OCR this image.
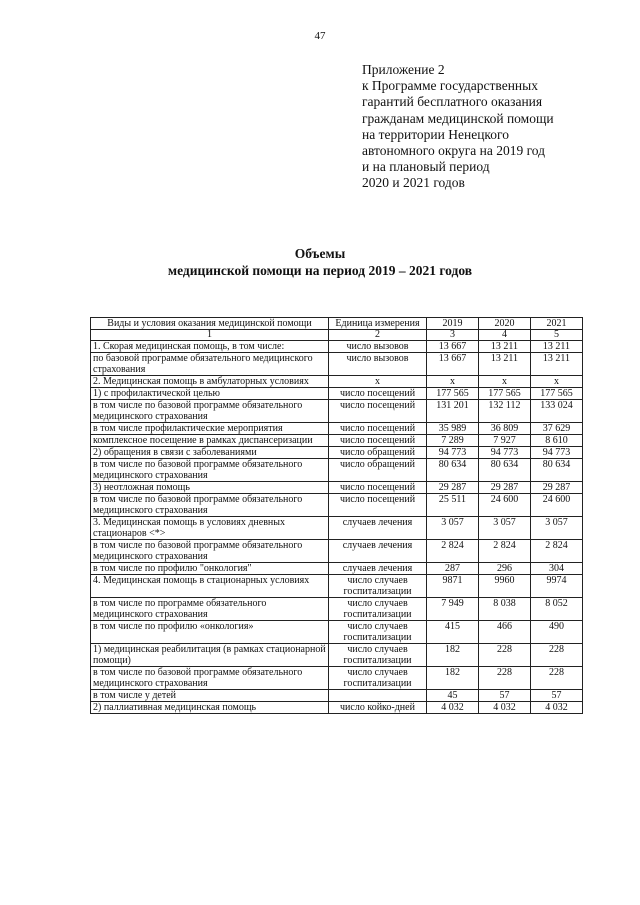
47
Приложение 2
к Программе государственных
гарантий бесплатного оказания
гражданам медицинской помощи
на территории Ненецкого
автономного округа на 2019 год
и на плановый период
2020 и 2021 годов
Объемы
медицинской помощи на период 2019 – 2021 годов
Виды и условия оказания медицинской помощи	Единица измерения	2019	2020	2021
1	2	3	4	5
1. Скорая медицинская помощь, в том числе:	число вызовов	13 667	13 211	13 211
по базовой программе обязательного медицинского страхования	число вызовов	13 667	13 211	13 211
2. Медицинская помощь в амбулаторных условиях	х	х	х	х
1) с профилактической целью	число посещений	177 565	177 565	177 565
в том числе по базовой программе обязательного медицинского страхования	число посещений	131 201	132 112	133 024
в том числе профилактические мероприятия	число посещений	35 989	36 809	37 629
комплексное посещение в рамках диспансеризации	число посещений	7 289	7 927	8 610
2) обращения в связи с заболеваниями	число обращений	94 773	94 773	94 773
в том числе по базовой программе обязательного медицинского страхования	число обращений	80 634	80 634	80 634
3) неотложная помощь	число посещений	29 287	29 287	29 287
в том числе по базовой программе обязательного медицинского страхования	число посещений	25 511	24 600	24 600
3. Медицинская помощь в условиях дневных стационаров <*>	случаев лечения	3 057	3 057	3 057
в том числе по базовой программе обязательного медицинского страхования	случаев лечения	2 824	2 824	2 824
в том числе по профилю "онкология"	случаев лечения	287	296	304
4. Медицинская помощь в стационарных условиях	число случаев госпитализации	9871	9960	9974
в том числе по программе обязательного медицинского страхования	число случаев госпитализации	7 949	8 038	8 052
в том числе по профилю «онкология»	число случаев госпитализации	415	466	490
1) медицинская реабилитация (в рамках стационарной помощи)	число случаев госпитализации	182	228	228
в том числе по базовой программе обязательного медицинского страхования	число случаев госпитализации	182	228	228
в том числе у детей		45	57	57
2) паллиативная медицинская помощь	число койко-дней	4 032	4 032	4 032
